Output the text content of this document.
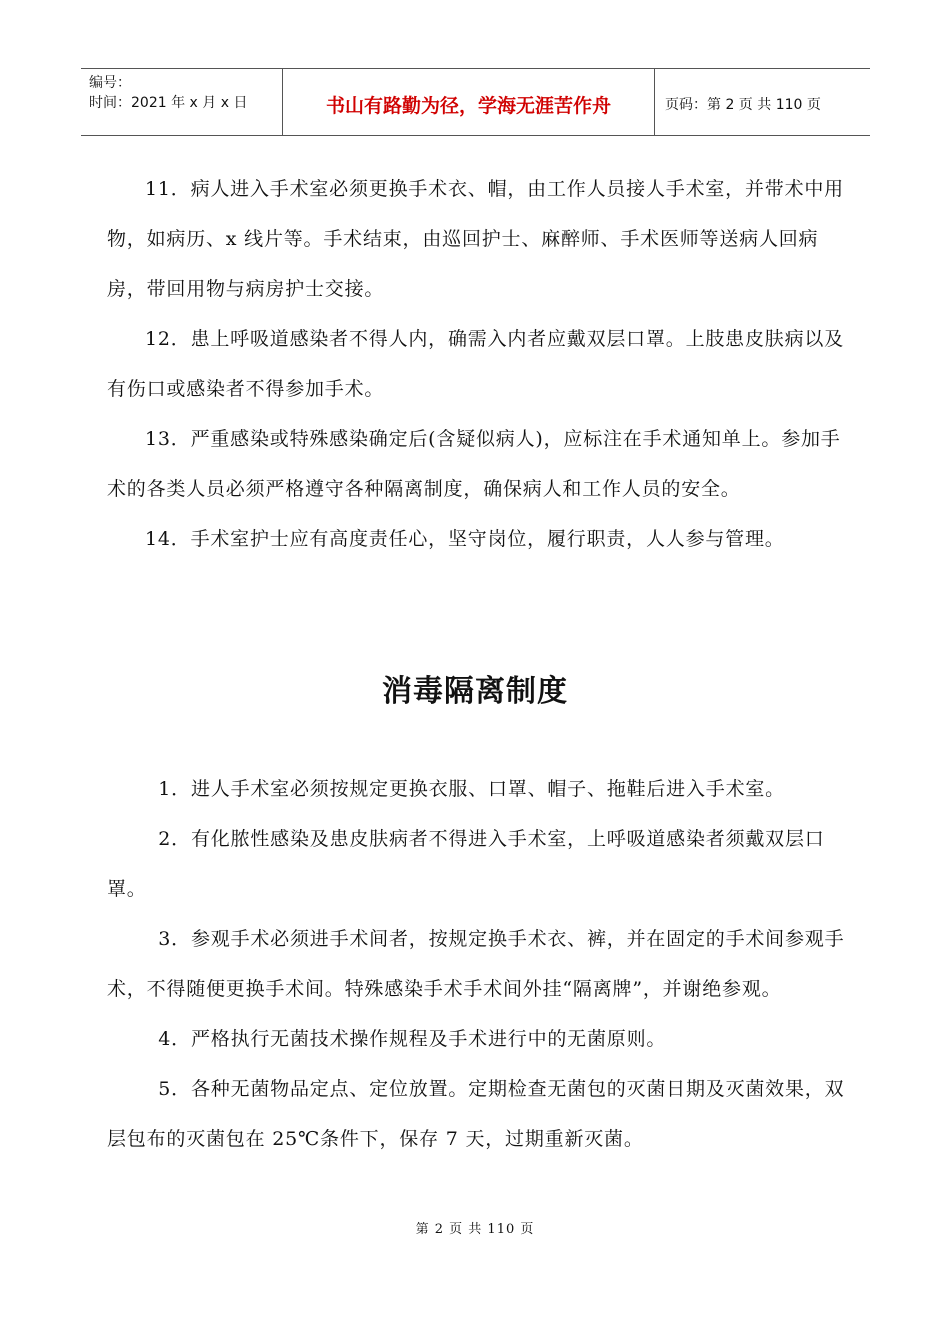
编号：
时间：2021 年 x 月 x 日	书山有路勤为径，学海无涯苦作舟	页码：第 2 页 共 110 页

11．病人进入手术室必须更换手术衣、帽，由工作人员接人手术室，并带术中用物，如病历、x 线片等。手术结束，由巡回护士、麻醉师、手术医师等送病人回病房，带回用物与病房护士交接。

12．患上呼吸道感染者不得人内，确需入内者应戴双层口罩。上肢患皮肤病以及有伤口或感染者不得参加手术。

13．严重感染或特殊感染确定后(含疑似病人)，应标注在手术通知单上。参加手术的各类人员必须严格遵守各种隔离制度，确保病人和工作人员的安全。

14．手术室护士应有高度责任心，坚守岗位，履行职责，人人参与管理。

消毒隔离制度

1．进人手术室必须按规定更换衣服、口罩、帽子、拖鞋后进入手术室。

2．有化脓性感染及患皮肤病者不得进入手术室，上呼吸道感染者须戴双层口罩。

3．参观手术必须进手术间者，按规定换手术衣、裤，并在固定的手术间参观手术，不得随便更换手术间。特殊感染手术手术间外挂“隔离牌”，并谢绝参观。

4．严格执行无菌技术操作规程及手术进行中的无菌原则。

5．各种无菌物品定点、定位放置。定期检查无菌包的灭菌日期及灭菌效果，双层包布的灭菌包在 25℃条件下，保存 7 天，过期重新灭菌。

第 2 页 共 110 页
